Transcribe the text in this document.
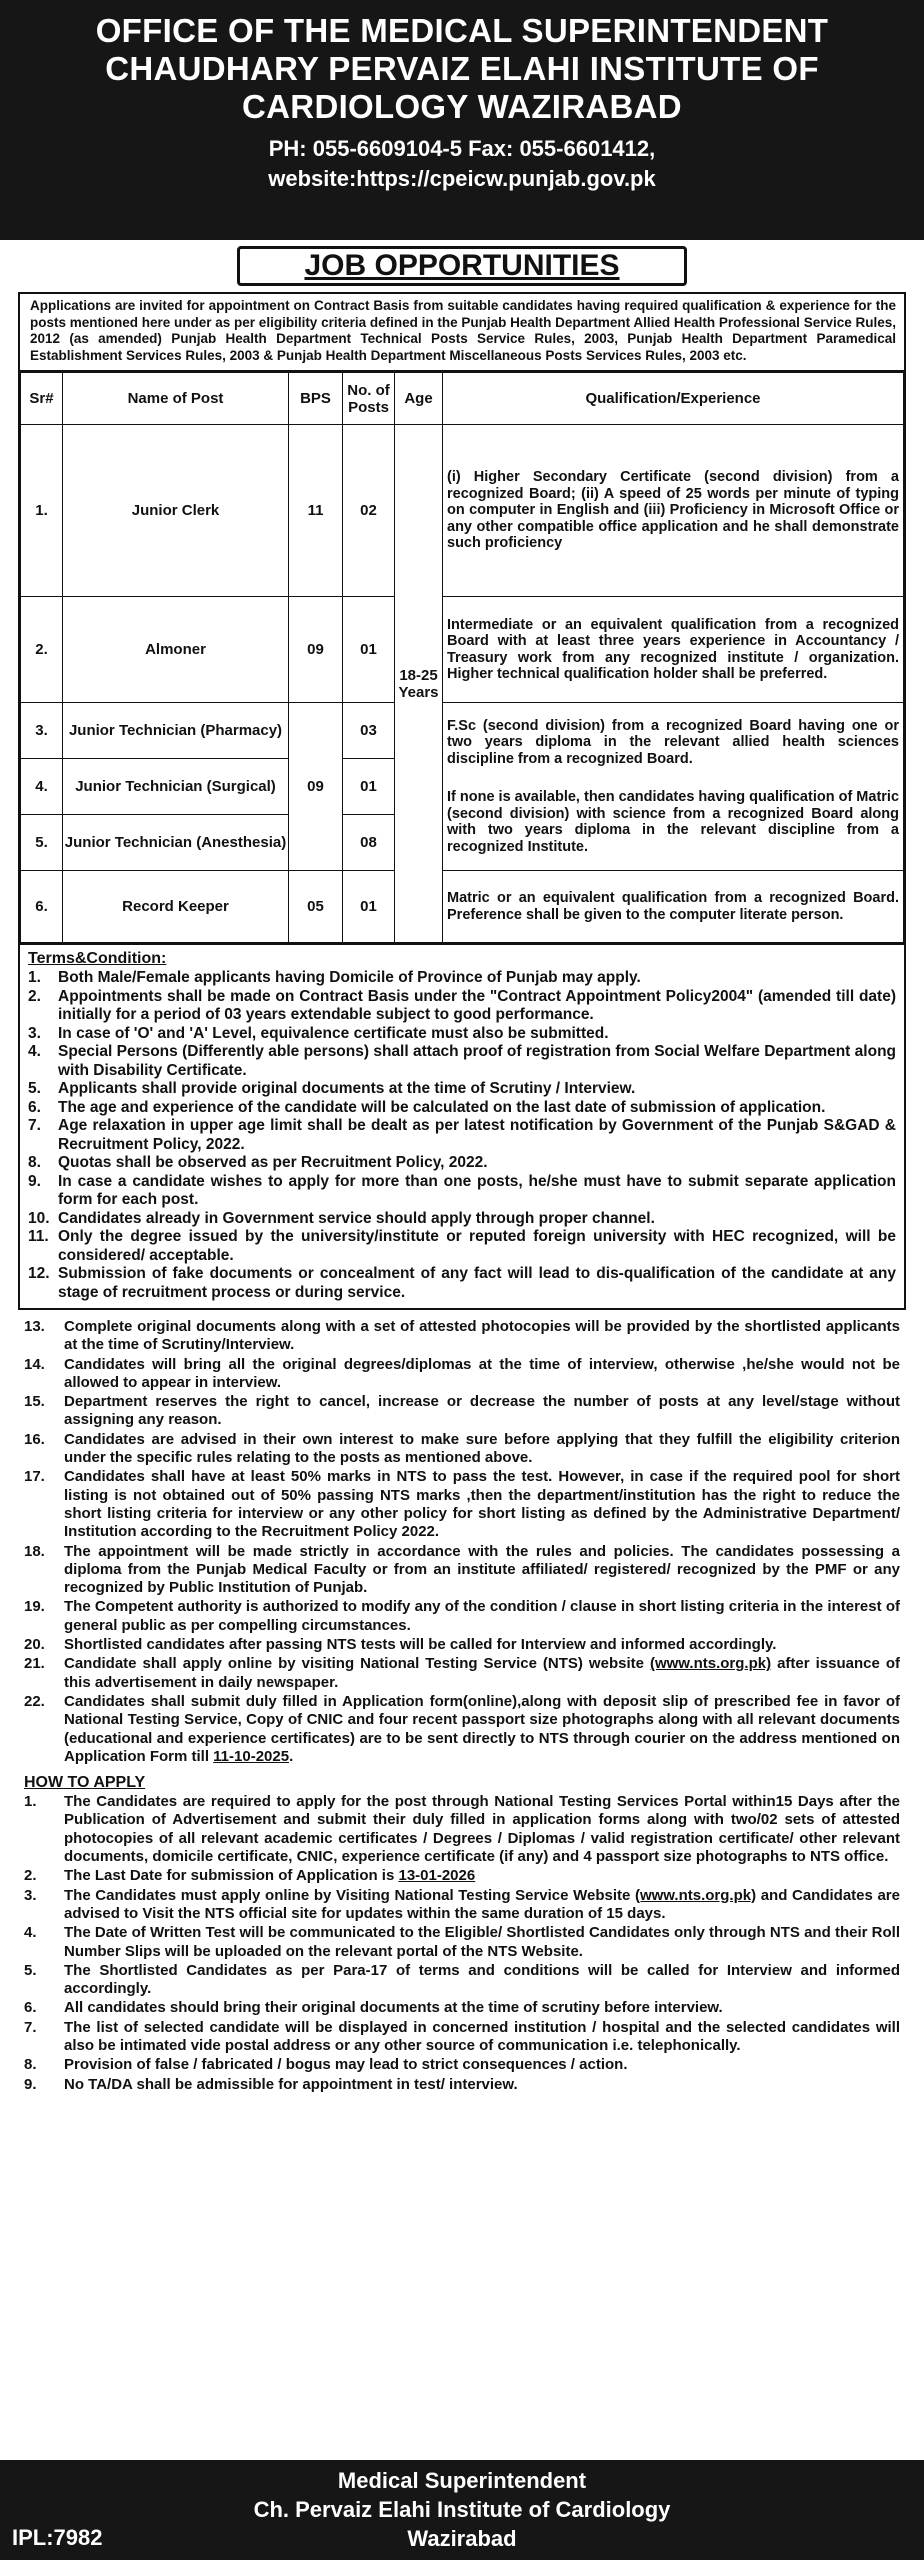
OFFICE OF THE MEDICAL SUPERINTENDENT
CHAUDHARY PERVAIZ ELAHI INSTITUTE OF
CARDIOLOGY WAZIRABAD
PH: 055-6609104-5 Fax: 055-6601412,
website:https://cpeicw.punjab.gov.pk
JOB OPPORTUNITIES
Applications are invited for appointment on Contract Basis from suitable candidates having required qualification & experience for the posts mentioned here under as per eligibility criteria defined in the Punjab Health Department Allied Health Professional Service Rules, 2012 (as amended) Punjab Health Department Technical Posts Service Rules, 2003, Punjab Health Department Paramedical Establishment Services Rules, 2003 & Punjab Health Department Miscellaneous Posts Services Rules, 2003 etc.
Sr#	Name of Post	BPS	No. of Posts	Age	Qualification/Experience
1.	Junior Clerk	11	02	18-25 Years	(i) Higher Secondary Certificate (second division) from a recognized Board; (ii) A speed of 25 words per minute of typing on computer in English and (iii) Proficiency in Microsoft Office or any other compatible office application and he shall demonstrate such proficiency
2.	Almoner	09	01		Intermediate or an equivalent qualification from a recognized Board with at least three years experience in Accountancy / Treasury work from any recognized institute / organization. Higher technical qualification holder shall be preferred.
3.	Junior Technician (Pharmacy)	09	03		F.Sc (second division) from a recognized Board having one or two years diploma in the relevant allied health sciences discipline from a recognized Board.
If none is available, then candidates having qualification of Matric (second division) with science from a recognized Board along with two years diploma in the relevant discipline from a recognized Institute.

4.	Junior Technician (Surgical)		01		
5.	Junior Technician (Anesthesia)		08		
6.	Record Keeper	05	01		Matric or an equivalent qualification from a recognized Board. Preference shall be given to the computer literate person.
Terms&Condition:
1.	Both Male/Female applicants having Domicile of Province of Punjab may apply.
2.	Appointments shall be made on Contract Basis under the "Contract Appointment Policy2004" (amended till date) initially for a period of 03 years extendable subject to good performance.
3.	In case of 'O' and 'A' Level, equivalence certificate must also be submitted.
4.	Special Persons (Differently able persons) shall attach proof of registration from Social Welfare Department along with Disability Certificate.
5.	Applicants shall provide original documents at the time of Scrutiny / Interview.
6.	The age and experience of the candidate will be calculated on the last date of submission of application.
7.	Age relaxation in upper age limit shall be dealt as per latest notification by Government of the Punjab S&GAD & Recruitment Policy, 2022.
8.	Quotas shall be observed as per Recruitment Policy, 2022.
9.	In case a candidate wishes to apply for more than one posts, he/she must have to submit separate application form for each post.
10. Candidates already in Government service should apply through proper channel.
11. Only the degree issued by the university/institute or reputed foreign university with HEC recognized, will be considered/ acceptable.
12. Submission of fake documents or concealment of any fact will lead to dis-qualification of the candidate at any stage of recruitment process or during service.
13.	Complete original documents along with a set of attested photocopies will be provided by the shortlisted applicants at the time of Scrutiny/Interview.
14.	Candidates will bring all the original degrees/diplomas at the time of interview, otherwise ,he/she would not be allowed to appear in interview.
15.	Department reserves the right to cancel, increase or decrease the number of posts at any level/stage without assigning any reason.
16.	Candidates are advised in their own interest to make sure before applying that they fulfill the eligibility criterion under the specific rules relating to the posts as mentioned above.
17.	Candidates shall have at least 50% marks in NTS to pass the test. However, in case if the required pool for short listing is not obtained out of 50% passing NTS marks ,then the department/institution has the right to reduce the short listing criteria for interview or any other policy for short listing as defined by the Administrative Department/ Institution according to the Recruitment Policy 2022.
18.	The appointment will be made strictly in accordance with the rules and policies. The candidates possessing a diploma from the Punjab Medical Faculty or from an institute affiliated/ registered/ recognized by the PMF or any recognized by Public Institution of Punjab.
19.	The Competent authority is authorized to modify any of the condition / clause in short listing criteria in the interest of general public as per compelling circumstances.
20.	Shortlisted candidates after passing NTS tests will be called for Interview and informed accordingly.
21.	Candidate shall apply online by visiting National Testing Service (NTS) website (www.nts.org.pk) after issuance of this advertisement in daily newspaper.
22.	Candidates shall submit duly filled in Application form(online),along with deposit slip of prescribed fee in favor of National Testing Service, Copy of CNIC and four recent passport size photographs along with all relevant documents (educational and experience certificates) are to be sent directly to NTS through courier on the address mentioned on Application Form till 11-10-2025.
HOW TO APPLY
1.	The Candidates are required to apply for the post through National Testing Services Portal within15 Days after the Publication of Advertisement and submit their duly filled in application forms along with two/02 sets of attested photocopies of all relevant academic certificates / Degrees / Diplomas / valid registration certificate/ other relevant documents, domicile certificate, CNIC, experience certificate (if any) and 4 passport size photographs to NTS office.
2.	The Last Date for submission of Application is 13-01-2026
3.	The Candidates must apply online by Visiting National Testing Service Website (www.nts.org.pk) and Candidates are advised to Visit the NTS official site for updates within the same duration of 15 days.
4.	The Date of Written Test will be communicated to the Eligible/ Shortlisted Candidates only through NTS and their Roll Number Slips will be uploaded on the relevant portal of the NTS Website.
5.	The Shortlisted Candidates as per Para-17 of terms and conditions will be called for Interview and informed accordingly.
6.	All candidates should bring their original documents at the time of scrutiny before interview.
7.	The list of selected candidate will be displayed in concerned institution / hospital and the selected candidates will also be intimated vide postal address or any other source of communication i.e. telephonically.
8.	Provision of false / fabricated / bogus may lead to strict consequences / action.
9.	No TA/DA shall be admissible for appointment in test/ interview.
Medical Superintendent
Ch. Pervaiz Elahi Institute of Cardiology
Wazirabad
IPL:7982
